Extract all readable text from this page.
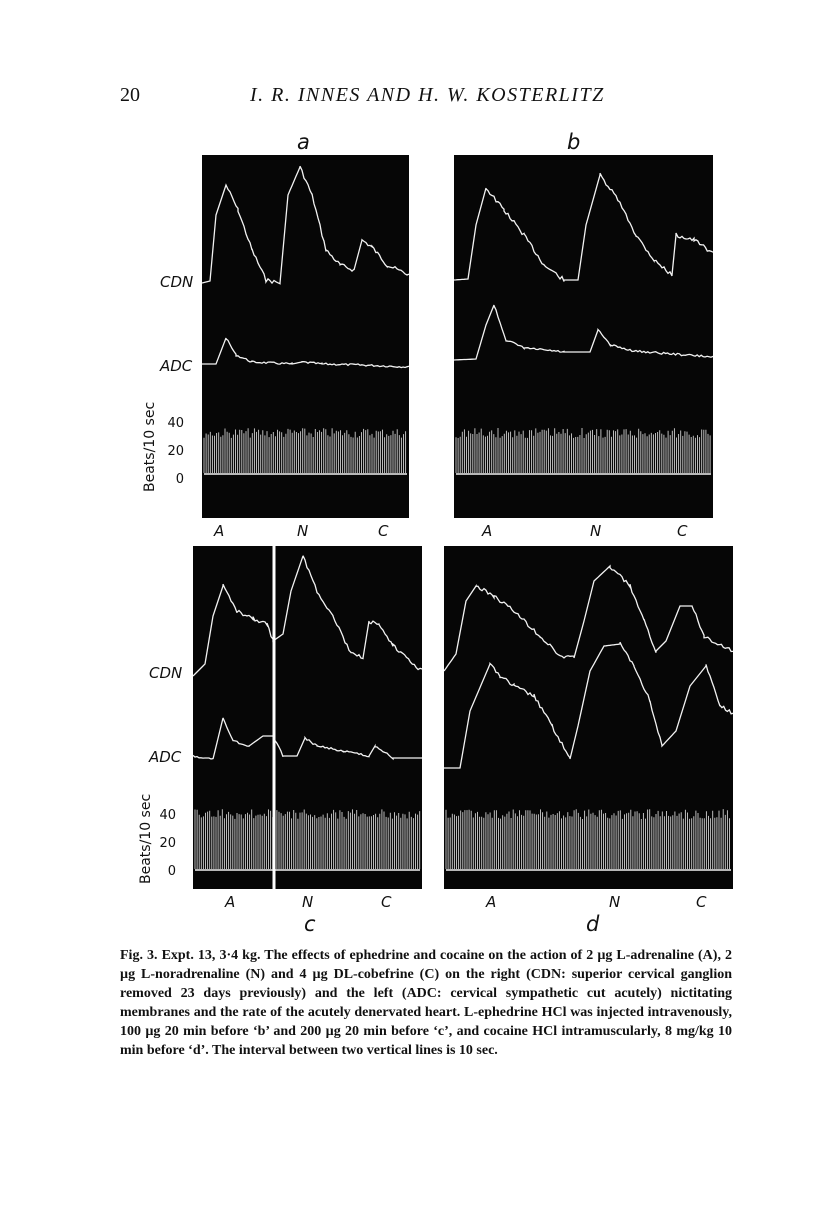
20	I. R. INNES AND H. W. KOSTERLITZ
a	b
c	d
CDN
ADC
CDN
ADC
Beats/10 sec 40
20
0
Beats/10 sec 40
20
0
A	N	C	A	N	C
A	N	C	A	N	C
Fig. 3. Expt. 13, 3·4 kg. The effects of ephedrine and cocaine on the action of 2 µg L-adrenaline (A), 2 µg L-noradrenaline (N) and 4 µg DL-cobefrine (C) on the right (CDN: superior cervical ganglion removed 23 days previously) and the left (ADC: cervical sympathetic cut acutely) nictitating membranes and the rate of the acutely denervated heart. L-ephedrine HCl was injected intravenously, 100 µg 20 min before ‘b’ and 200 µg 20 min before ‘c’, and cocaine HCl intramuscularly, 8 mg/kg 10 min before ‘d’. The interval between two vertical lines is 10 sec.
